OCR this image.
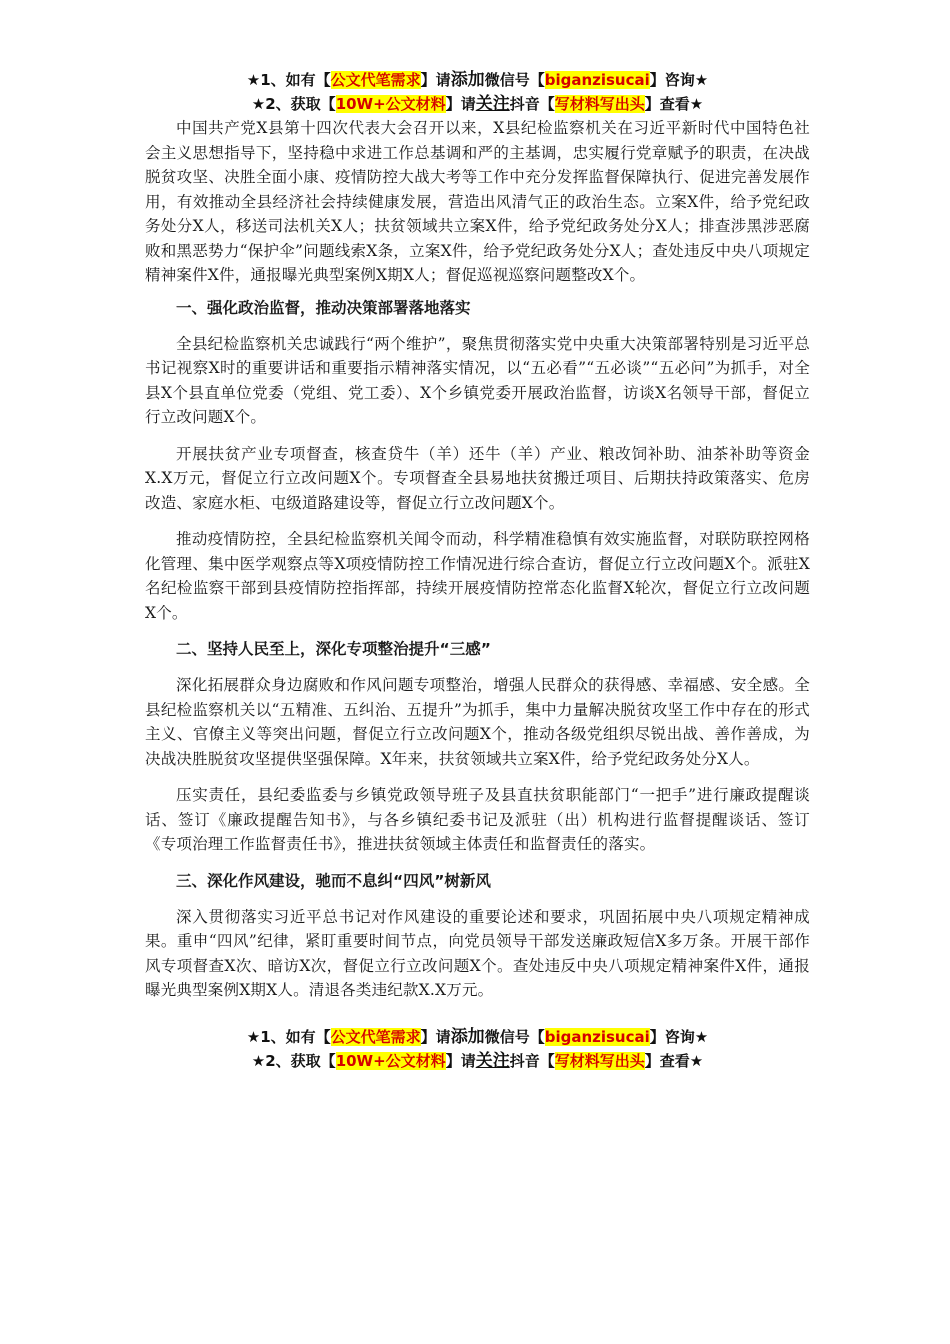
★1、如有【公文代笔需求】请添加微信号【biganzisucai】咨询★
★2、获取【10W+公文材料】请关注抖音【写材料写出头】查看★

中国共产党X县第十四次代表大会召开以来，X县纪检监察机关在习近平新时代中国特色社会主义思想指导下，坚持稳中求进工作总基调和严的主基调，忠实履行党章赋予的职责，在决战脱贫攻坚、决胜全面小康、疫情防控大战大考等工作中充分发挥监督保障执行、促进完善发展作用，有效推动全县经济社会持续健康发展，营造出风清气正的政治生态。立案X件，给予党纪政务处分X人，移送司法机关X人；扶贫领域共立案X件，给予党纪政务处分X人；排查涉黑涉恶腐败和黑恶势力“保护伞”问题线索X条，立案X件，给予党纪政务处分X人；查处违反中央八项规定精神案件X件，通报曝光典型案例X期X人；督促巡视巡察问题整改X个。

一、强化政治监督，推动决策部署落地落实

全县纪检监察机关忠诚践行“两个维护”，聚焦贯彻落实党中央重大决策部署特别是习近平总书记视察X时的重要讲话和重要指示精神落实情况，以“五必看”“五必谈”“五必问”为抓手，对全县X个县直单位党委（党组、党工委）、X个乡镇党委开展政治监督，访谈X名领导干部，督促立行立改问题X个。

开展扶贫产业专项督查，核查贷牛（羊）还牛（羊）产业、粮改饲补助、油茶补助等资金X.X万元，督促立行立改问题X个。专项督查全县易地扶贫搬迁项目、后期扶持政策落实、危房改造、家庭水柜、屯级道路建设等，督促立行立改问题X个。

推动疫情防控，全县纪检监察机关闻令而动，科学精准稳慎有效实施监督，对联防联控网格化管理、集中医学观察点等X项疫情防控工作情况进行综合查访，督促立行立改问题X个。派驻X名纪检监察干部到县疫情防控指挥部，持续开展疫情防控常态化监督X轮次，督促立行立改问题X个。

二、坚持人民至上，深化专项整治提升“三感”

深化拓展群众身边腐败和作风问题专项整治，增强人民群众的获得感、幸福感、安全感。全县纪检监察机关以“五精准、五纠治、五提升”为抓手，集中力量解决脱贫攻坚工作中存在的形式主义、官僚主义等突出问题，督促立行立改问题X个，推动各级党组织尽锐出战、善作善成，为决战决胜脱贫攻坚提供坚强保障。X年来，扶贫领域共立案X件，给予党纪政务处分X人。

压实责任，县纪委监委与乡镇党政领导班子及县直扶贫职能部门“一把手”进行廉政提醒谈话、签订《廉政提醒告知书》，与各乡镇纪委书记及派驻（出）机构进行监督提醒谈话、签订《专项治理工作监督责任书》，推进扶贫领域主体责任和监督责任的落实。

三、深化作风建设，驰而不息纠“四风”树新风

深入贯彻落实习近平总书记对作风建设的重要论述和要求，巩固拓展中央八项规定精神成果。重申“四风”纪律，紧盯重要时间节点，向党员领导干部发送廉政短信X多万条。开展干部作风专项督查X次、暗访X次，督促立行立改问题X个。查处违反中央八项规定精神案件X件，通报曝光典型案例X期X人。清退各类违纪款X.X万元。

★1、如有【公文代笔需求】请添加微信号【biganzisucai】咨询★
★2、获取【10W+公文材料】请关注抖音【写材料写出头】查看★
